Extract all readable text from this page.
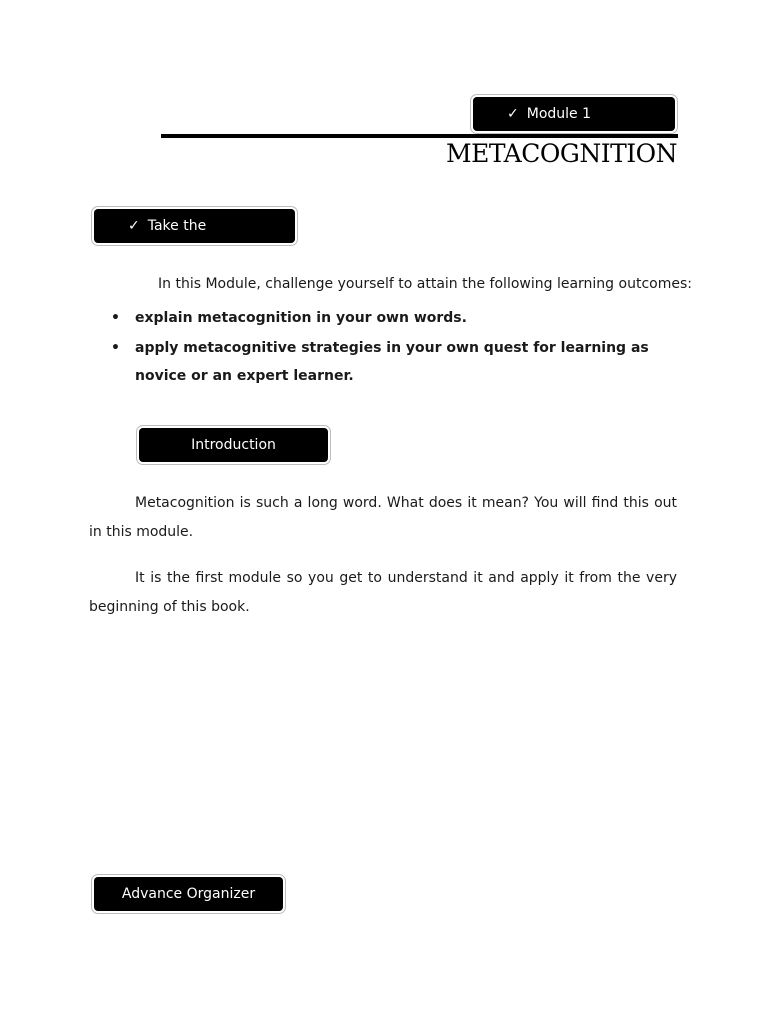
✓ Module 1
METACOGNITION
✓ Take the
In this Module, challenge yourself to attain the following learning outcomes:
• explain metacognition in your own words.
• apply metacognitive strategies in your own quest for learning as novice or an expert learner.
Introduction

Metacognition is such a long word. What does it mean? You will find this out in this module.

It is the first module so you get to understand it and apply it from the very beginning of this book.

Advance Organizer
